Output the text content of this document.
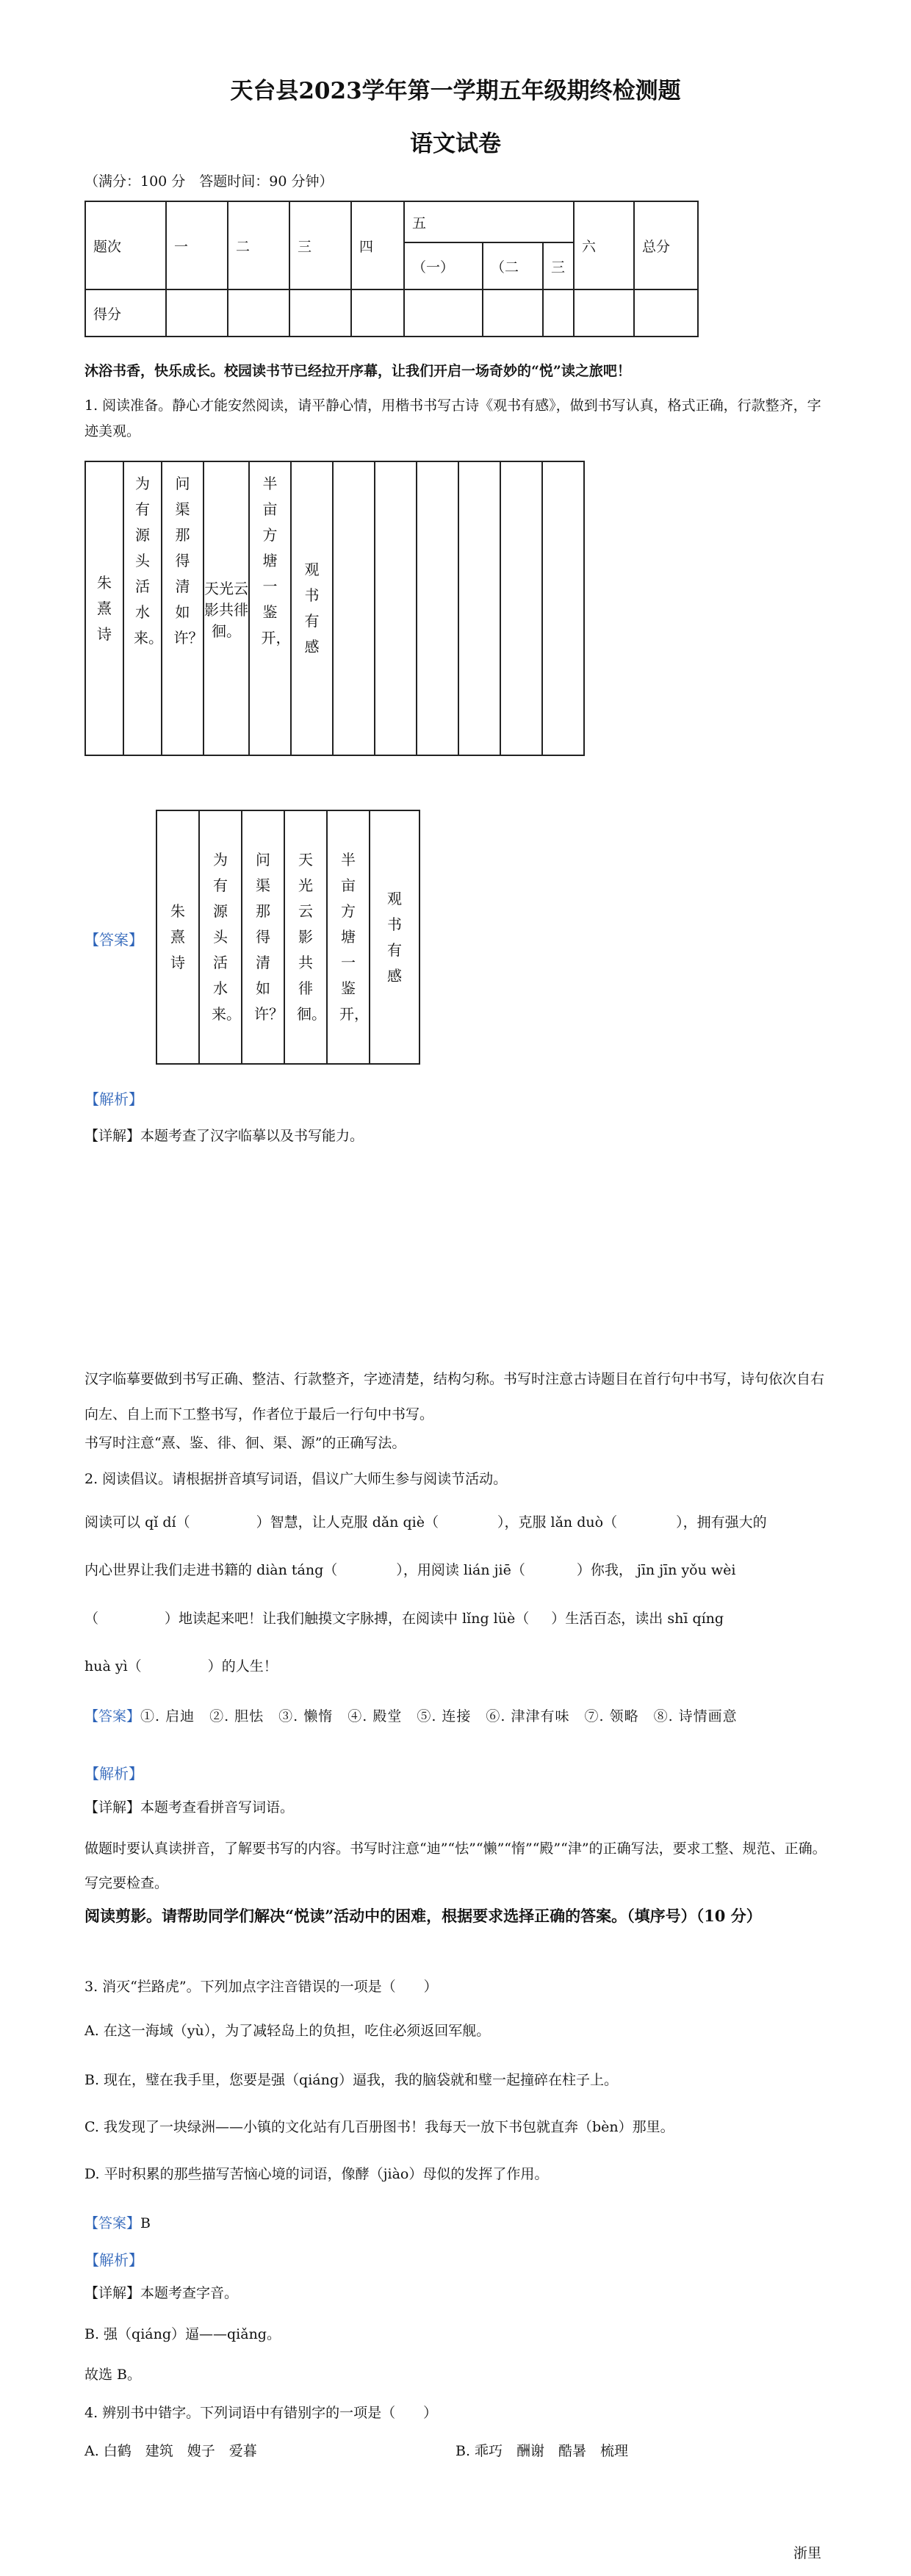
天台县2023学年第一学期五年级期终检测题
语文试卷
（满分：100 分　答题时间：90 分钟）
题次	一	二	三	四	五			六	总分
					（一）	（二	三		
得分									
沐浴书香，快乐成长。校园读书节已经拉开序幕，让我们开启一场奇妙的“悦”读之旅吧！
1. 阅读准备。静心才能安然阅读，请平静心情，用楷书书写古诗《观书有感》，做到书写认真，格式正确，行款整齐，字迹美观。
朱熹诗	为有源头活水来。	问渠那得清如许？	天光云影共徘徊。	半亩方塘一鉴开，	观书有感						
【答案】
朱熹诗	为有源头活水来。	问渠那得清如许？	天光云影共徘徊。	半亩方塘一鉴开，	观书有感
【解析】
【详解】本题考查了汉字临摹以及书写能力。
汉字临摹要做到书写正确、整洁、行款整齐，字迹清楚，结构匀称。书写时注意古诗题目在首行句中书写，诗句依次自右向左、自上而下工整书写，作者位于最后一行句中书写。
书写时注意“熹、鉴、徘、徊、渠、源”的正确写法。
2. 阅读倡议。请根据拼音填写词语，倡议广大师生参与阅读节活动。
阅读可以 qǐ dí（	）智慧，让人克服 dǎn qiè（	），克服 lǎn duò（	），拥有强大的
内心世界让我们走进书籍的 diàn táng（	），用阅读 lián jiē（	）你我， jīn jīn yǒu wèi
（	）地读起来吧！让我们触摸文字脉搏，在阅读中 lǐng lüè（ ）生活百态，读出 shī qíng
huà yì（	）的人生！
【答案】①. 启迪　②. 胆怯　③. 懒惰　④. 殿堂　⑤. 连接　⑥. 津津有味　⑦. 领略　⑧. 诗情画意
【解析】
【详解】本题考查看拼音写词语。
做题时要认真读拼音，了解要书写的内容。书写时注意“迪”“怯”“懒”“惰”“殿”“津”的正确写法，要求工整、规范、正确。写完要检查。
阅读剪影。请帮助同学们解决“悦读”活动中的困难，根据要求选择正确的答案。（填序号）（10 分）
3. 消灭“拦路虎”。下列加点字注音错误的一项是（　　）
A. 在这一海域（yù），为了减轻岛上的负担，吃住必须返回军舰。
B. 现在，璧在我手里，您要是强（qiáng）逼我，我的脑袋就和璧一起撞碎在柱子上。
C. 我发现了一块绿洲——小镇的文化站有几百册图书！我每天一放下书包就直奔（bèn）那里。
D. 平时积累的那些描写苦恼心境的词语，像酵（jiào）母似的发挥了作用。
【答案】B
【解析】
【详解】本题考查字音。
B. 强（qiáng）逼——qiǎng。
故选 B。
4. 辨别书中错字。下列词语中有错别字的一项是（　　）
A. 白鹤　建筑　嫂子　爱暮	B. 乖巧　酬谢　酷暑　梳理
浙里
